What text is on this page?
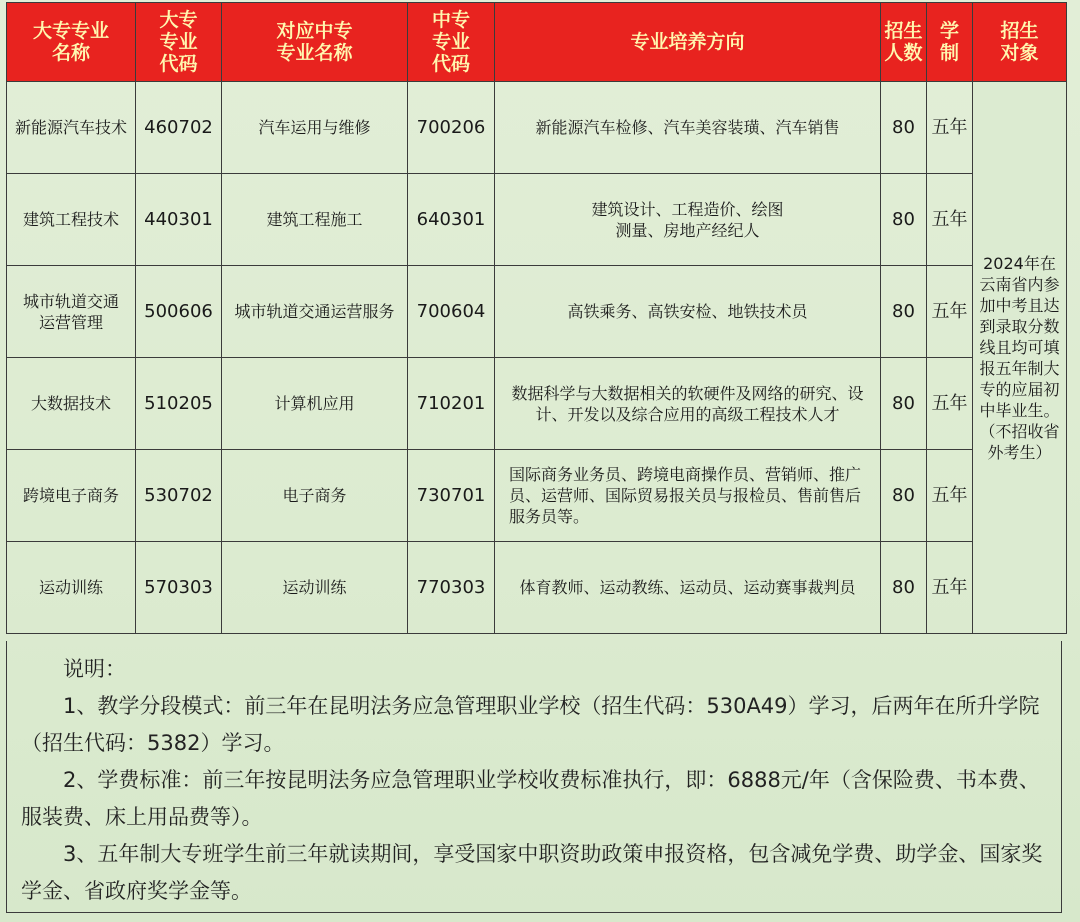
大专专业名称	大专专业代码	对应中专专业名称	中专专业代码	专业培养方向	招生人数	学制	招生对象
新能源汽车技术	460702	汽车运用与维修	700206	新能源汽车检修、汽车美容装璜、汽车销售	80	五年	2024年在云南省内参加中考且达到录取分数线且均可填报五年制大专的应届初中毕业生。（不招收省外考生）
建筑工程技术	440301	建筑工程施工	640301	建筑设计、工程造价、绘图测量、房地产经纪人	80	五年	
城市轨道交通运营管理	500606	城市轨道交通运营服务	700604	高铁乘务、高铁安检、地铁技术员	80	五年	
大数据技术	510205	计算机应用	710201	数据科学与大数据相关的软硬件及网络的研究、设计、开发以及综合应用的高级工程技术人才	80	五年	
跨境电子商务	530702	电子商务	730701	国际商务业务员、跨境电商操作员、营销师、推广员、运营师、国际贸易报关员与报检员、售前售后服务员等。	80	五年	
运动训练	570303	运动训练	770303	体育教师、运动教练、运动员、运动赛事裁判员	80	五年	

说明：

1、教学分段模式：前三年在昆明法务应急管理职业学校（招生代码：530A49）学习，后两年在所升学院（招生代码：5382）学习。

2、学费标准：前三年按昆明法务应急管理职业学校收费标准执行，即：6888元/年（含保险费、书本费、服装费、床上用品费等）。

3、五年制大专班学生前三年就读期间，享受国家中职资助政策申报资格，包含减免学费、助学金、国家奖学金、省政府奖学金等。
